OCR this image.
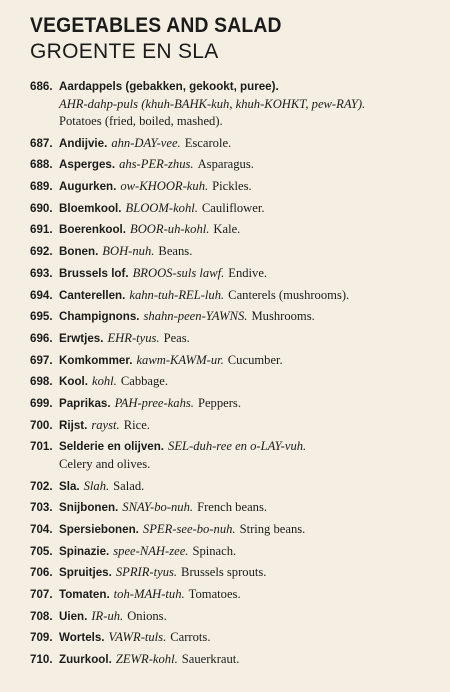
VEGETABLES AND SALAD
GROENTE EN SLA
686. Aardappels (gebakken, gekookt, puree).
AHR-dahp-puls (khuh-BAHK-kuh, khuh-KOHKT, pew-RAY).
Potatoes (fried, boiled, mashed).
687. Andijvie. ahn-DAY-vee. Escarole.
688. Asperges. ahs-PER-zhus. Asparagus.
689. Augurken. ow-KHOOR-kuh. Pickles.
690. Bloemkool. BLOOM-kohl. Cauliflower.
691. Boerenkool. BOOR-uh-kohl. Kale.
692. Bonen. BOH-nuh. Beans.
693. Brussels lof. BROOS-suls lawf. Endive.
694. Canterellen. kahn-tuh-REL-luh. Canterels (mushrooms).
695. Champignons. shahn-peen-YAWNS. Mushrooms.
696. Erwtjes. EHR-tyus. Peas.
697. Komkommer. kawm-KAWM-ur. Cucumber.
698. Kool. kohl. Cabbage.
699. Paprikas. PAH-pree-kahs. Peppers.
700. Rijst. rayst. Rice.
701. Selderie en olijven. SEL-duh-ree en o-LAY-vuh.
Celery and olives.
702. Sla. Slah. Salad.
703. Snijbonen. SNAY-bo-nuh. French beans.
704. Spersiebonen. SPER-see-bo-nuh. String beans.
705. Spinazie. spee-NAH-zee. Spinach.
706. Spruitjes. SPRIR-tyus. Brussels sprouts.
707. Tomaten. toh-MAH-tuh. Tomatoes.
708. Uien. IR-uh. Onions.
709. Wortels. VAWR-tuls. Carrots.
710. Zuurkool. ZEWR-kohl. Sauerkraut.
